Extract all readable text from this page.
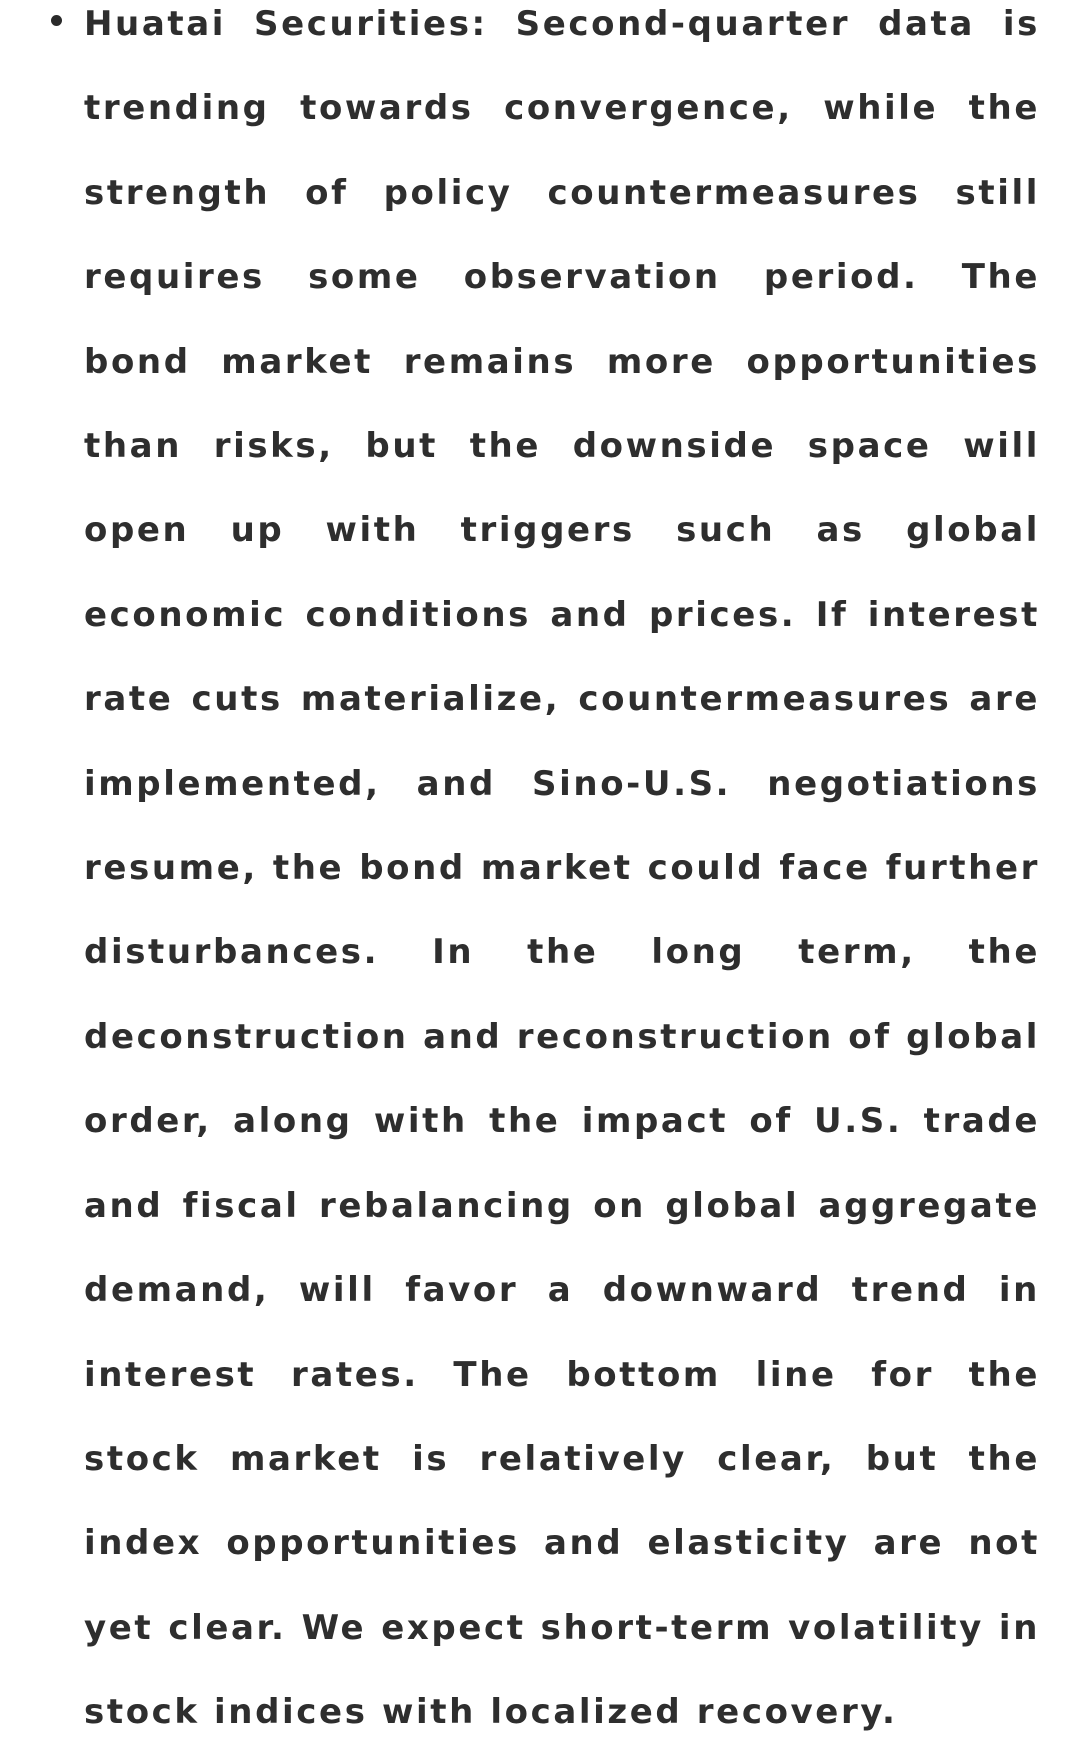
Huatai Securities: Second-quarter data is trending towards convergence, while the strength of policy countermeasures still requires some observation period. The bond market remains more opportunities than risks, but the downside space will open up with triggers such as global economic conditions and prices. If interest rate cuts materialize, countermeasures are implemented, and Sino-U.S. negotiations resume, the bond market could face further disturbances. In the long term, the deconstruction and reconstruction of global order, along with the impact of U.S. trade and fiscal rebalancing on global aggregate demand, will favor a downward trend in interest rates. The bottom line for the stock market is relatively clear, but the index opportunities and elasticity are not yet clear. We expect short-term volatility in stock indices with localized recovery.
